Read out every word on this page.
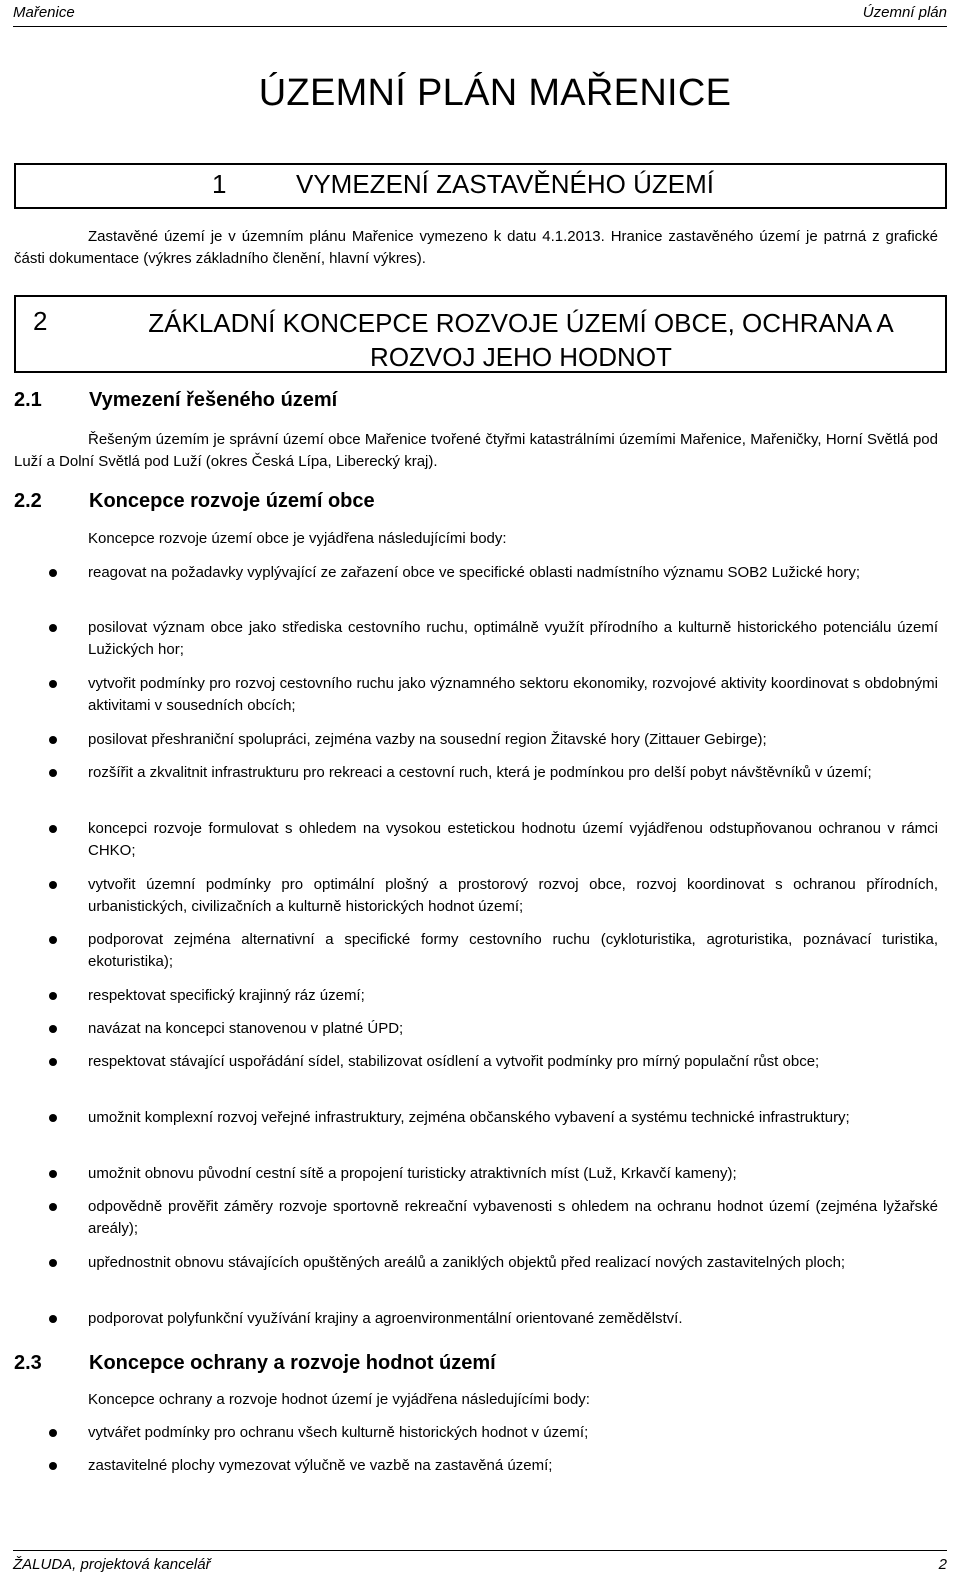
Mařenice	Územní plán
ÚZEMNÍ PLÁN MAŘENICE
1	VYMEZENÍ ZASTAVĚNÉHO ÚZEMÍ

Zastavěné území je v územním plánu Mařenice vymezeno k datu 4.1.2013. Hranice zastavěného území je patrná z grafické části dokumentace (výkres základního členění, hlavní výkres).

2	ZÁKLADNÍ KONCEPCE ROZVOJE ÚZEMÍ OBCE, OCHRANA A
ROZVOJ JEHO HODNOT
2.1 Vymezení řešeného území

Řešeným územím je správní území obce Mařenice tvořené čtyřmi katastrálními územími Mařenice, Mařeničky, Horní Světlá pod Luží a Dolní Světlá pod Luží (okres Česká Lípa, Liberecký kraj).

2.2 Koncepce rozvoje území obce

Koncepce rozvoje území obce je vyjádřena následujícími body:

reagovat na požadavky vyplývající ze zařazení obce ve specifické oblasti nadmístního významu SOB2 Lužické hory;
posilovat význam obce jako střediska cestovního ruchu, optimálně využít přírodního a kulturně historického potenciálu území Lužických hor;
vytvořit podmínky pro rozvoj cestovního ruchu jako významného sektoru ekonomiky, rozvojové aktivity koordinovat s obdobnými aktivitami v sousedních obcích;
posilovat přeshraniční spolupráci, zejména vazby na sousední region Žitavské hory (Zittauer Gebirge);
rozšířit a zkvalitnit infrastrukturu pro rekreaci a cestovní ruch, která je podmínkou pro delší pobyt návštěvníků v území;
koncepci rozvoje formulovat s ohledem na vysokou estetickou hodnotu území vyjádřenou odstupňovanou ochranou v rámci CHKO;
vytvořit územní podmínky pro optimální plošný a prostorový rozvoj obce, rozvoj koordinovat s ochranou přírodních, urbanistických, civilizačních a kulturně historických hodnot území;
podporovat zejména alternativní a specifické formy cestovního ruchu (cykloturistika, agroturistika, poznávací turistika, ekoturistika);
respektovat specifický krajinný ráz území;
navázat na koncepci stanovenou v platné ÚPD;
respektovat stávající uspořádání sídel, stabilizovat osídlení a vytvořit podmínky pro mírný populační růst obce;
umožnit komplexní rozvoj veřejné infrastruktury, zejména občanského vybavení a systému technické infrastruktury;
umožnit obnovu původní cestní sítě a propojení turisticky atraktivních míst (Luž, Krkavčí kameny);
odpovědně prověřit záměry rozvoje sportovně rekreační vybavenosti s ohledem na ochranu hodnot území (zejména lyžařské areály);
upřednostnit obnovu stávajících opuštěných areálů a zaniklých objektů před realizací nových zastavitelných ploch;
podporovat polyfunkční využívání krajiny a agroenvironmentální orientované zemědělství.
2.3 Koncepce ochrany a rozvoje hodnot území

Koncepce ochrany a rozvoje hodnot území je vyjádřena následujícími body:

vytvářet podmínky pro ochranu všech kulturně historických hodnot v území;
zastavitelné plochy vymezovat výlučně ve vazbě na zastavěná území;
ŽALUDA, projektová kancelář	2
